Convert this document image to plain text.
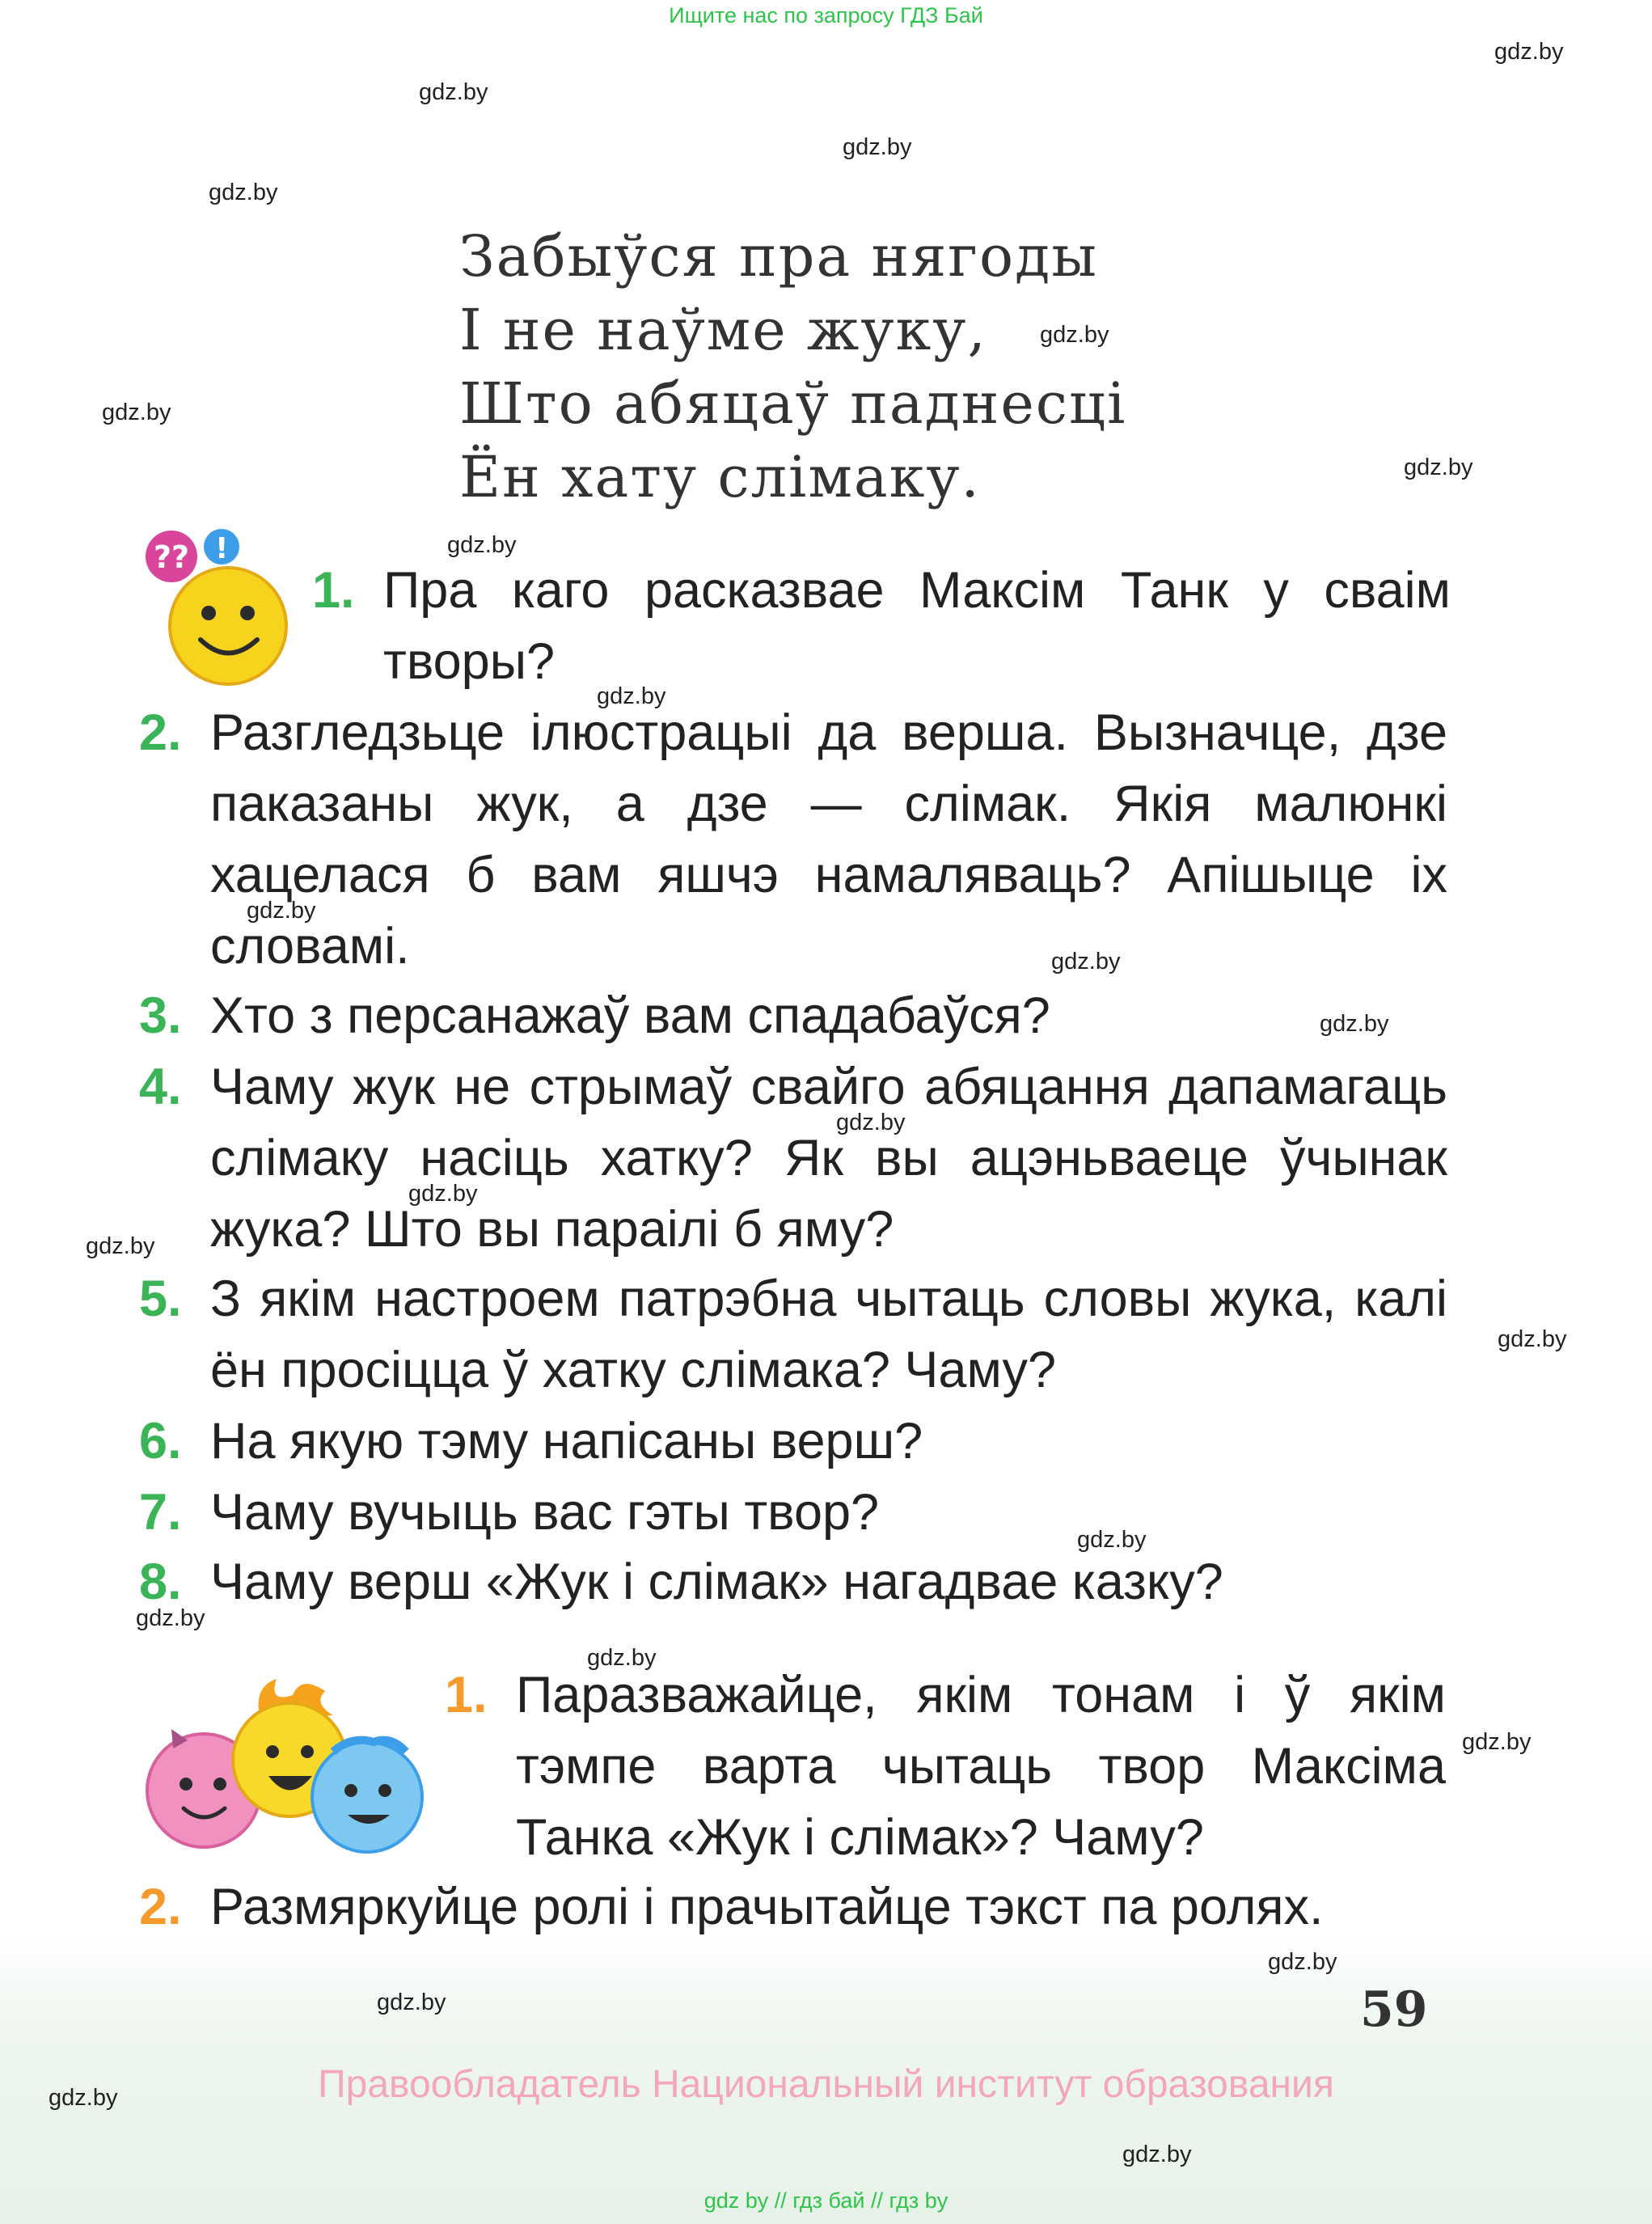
Ищите нас по запросу ГДЗ Бай
gdz.by
gdz.by
gdz.by
gdz.by
gdz.by
gdz.by
gdz.by
gdz.by
gdz.by
gdz.by
gdz.by
gdz.by
gdz.by
gdz.by
gdz.by
gdz.by
gdz.by
gdz.by
gdz.by
gdz.by
gdz.by
gdz.by
gdz.by
gdz.by
Забыўся пра нягоды
І не наўме жуку,
Што абяцаў паднесці
Ён хату слімаку.
?? !
1. Пра каго расказвае Максім Танк у сваім творы?
2. Разгледзьце ілюстрацыі да верша. Вызначце, дзе паказаны жук, а дзе — слімак. Якія малюнкі хацелася б вам яшчэ намаляваць? Апішыце іх словамі.
3. Хто з персанажаў вам спадабаўся?
4. Чаму жук не стрымаў свайго абяцання дапамагаць слімаку насіць хатку? Як вы ацэньваеце ўчынак жука? Што вы параілі б яму?
5. З якім настроем патрэбна чытаць словы жука, калі ён просіцца ў хатку слімака? Чаму?
6. На якую тэму напісаны верш?
7. Чаму вучыць вас гэты твор?
8. Чаму верш «Жук і слімак» нагадвае казку?
1. Паразважайце, якім тонам і ў якім тэмпе варта чытаць твор Максіма Танка «Жук і слімак»? Чаму?
2. Размяркуйце ролі і прачытайце тэкст па ролях.
59
Правообладатель Национальный институт образования
gdz by // гдз бай // гдз by
